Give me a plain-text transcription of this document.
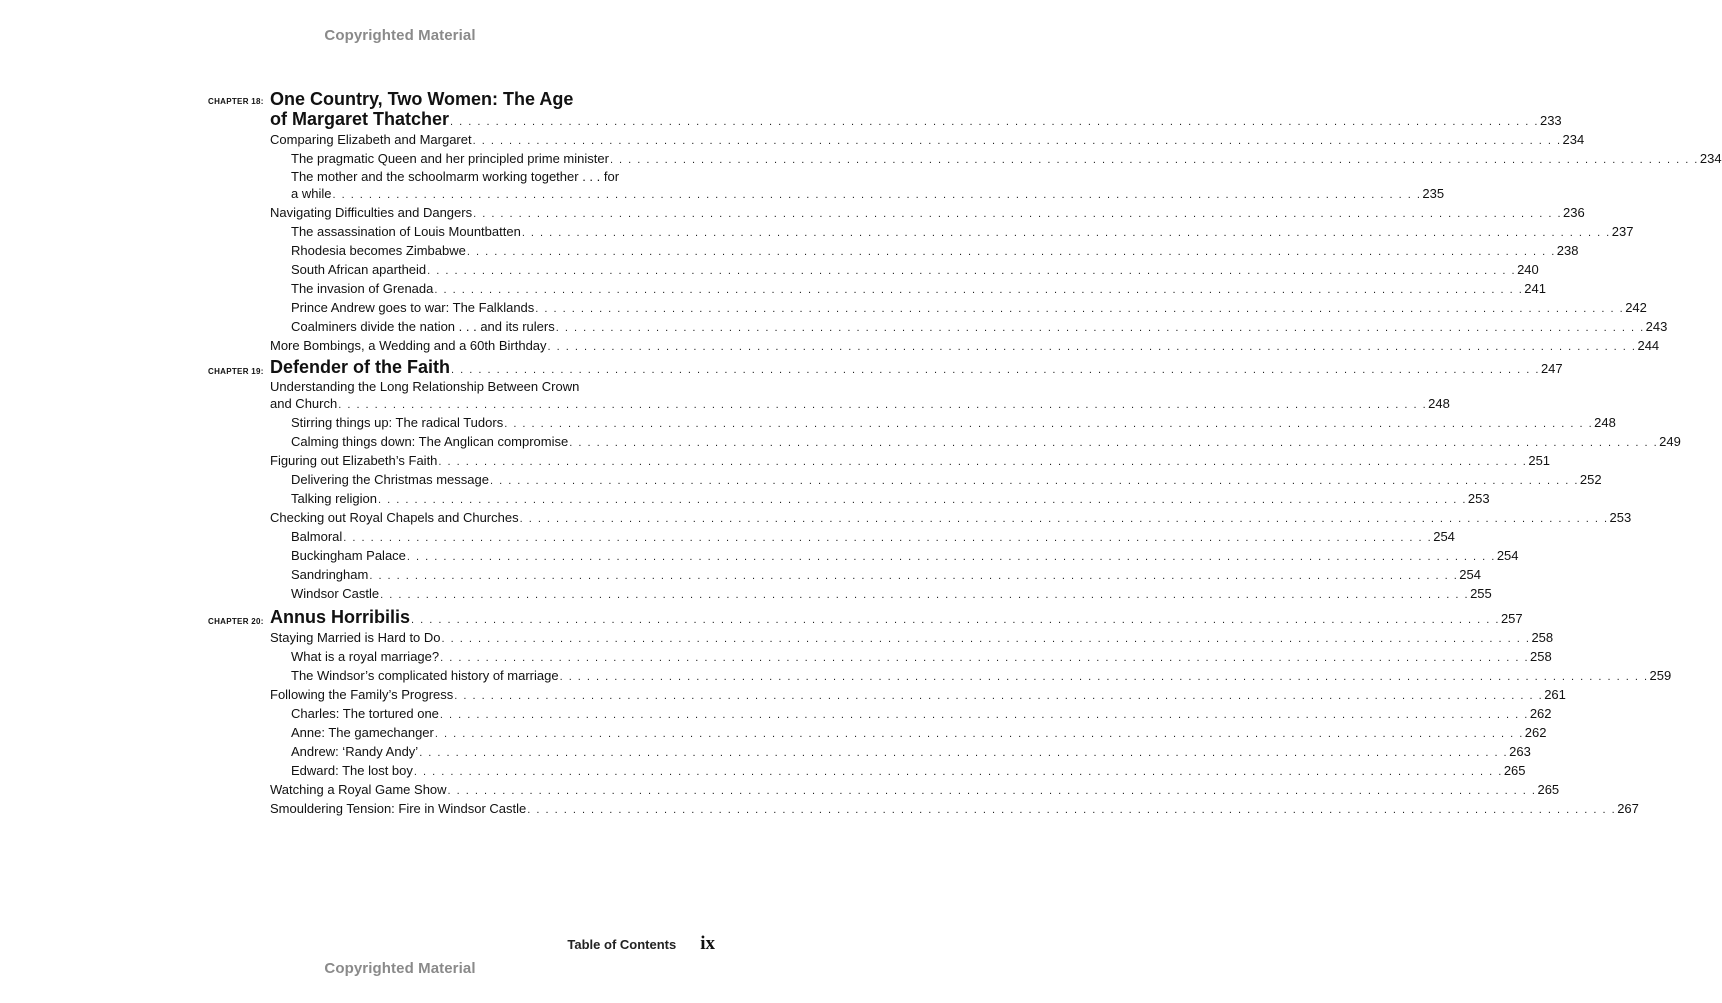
Copyrighted Material
CHAPTER 18: One Country, Two Women: The Age
of Margaret Thatcher . . . . . . . . . . . . . . . . . . . . . . . . . . . . . . . . . . . . . . . . . . . . . . . . . . . . . . . . . . . . . . . . . . . . . . . . . . . . . . . . . . . . . . . . . . . . . . . . . . . . . . . . . . . . . . . . . . . . . . . . 233
Comparing Elizabeth and Margaret . . . . . . . . . . . . . . . . . . . . . . . . . . . . . . . . . . . . . . . . . . . . . . . . . . . . . . . . . . . . . . . . . . . . . . . . . . . . . . . . . . . . . . . . . . . . . . . . . . . . . . . . . . . . . . . . . . . . . . . . 234
The pragmatic Queen and her principled prime minister . . . . . . . . . . . . . . . . . . . . . . . . . . . . . . . . . . . . . . . . . . . . . . . . . . . . . . . . . . . . . . . . . . . . . . . . . . . . . . . . . . . . . . . . . . . . . . . . . . . . . . . . . . . . . . . . . . . . . . . . 234
The mother and the schoolmarm working together . . . for
a while . . . . . . . . . . . . . . . . . . . . . . . . . . . . . . . . . . . . . . . . . . . . . . . . . . . . . . . . . . . . . . . . . . . . . . . . . . . . . . . . . . . . . . . . . . . . . . . . . . . . . . . . . . . . . . . . . . . . . . . . 235
Navigating Difficulties and Dangers . . . . . . . . . . . . . . . . . . . . . . . . . . . . . . . . . . . . . . . . . . . . . . . . . . . . . . . . . . . . . . . . . . . . . . . . . . . . . . . . . . . . . . . . . . . . . . . . . . . . . . . . . . . . . . . . . . . . . . . . 236
The assassination of Louis Mountbatten . . . . . . . . . . . . . . . . . . . . . . . . . . . . . . . . . . . . . . . . . . . . . . . . . . . . . . . . . . . . . . . . . . . . . . . . . . . . . . . . . . . . . . . . . . . . . . . . . . . . . . . . . . . . . . . . . . . . . . . . 237
Rhodesia becomes Zimbabwe . . . . . . . . . . . . . . . . . . . . . . . . . . . . . . . . . . . . . . . . . . . . . . . . . . . . . . . . . . . . . . . . . . . . . . . . . . . . . . . . . . . . . . . . . . . . . . . . . . . . . . . . . . . . . . . . . . . . . . . . 238
South African apartheid . . . . . . . . . . . . . . . . . . . . . . . . . . . . . . . . . . . . . . . . . . . . . . . . . . . . . . . . . . . . . . . . . . . . . . . . . . . . . . . . . . . . . . . . . . . . . . . . . . . . . . . . . . . . . . . . . . . . . . . . 240
The invasion of Grenada . . . . . . . . . . . . . . . . . . . . . . . . . . . . . . . . . . . . . . . . . . . . . . . . . . . . . . . . . . . . . . . . . . . . . . . . . . . . . . . . . . . . . . . . . . . . . . . . . . . . . . . . . . . . . . . . . . . . . . . . 241
Prince Andrew goes to war: The Falklands . . . . . . . . . . . . . . . . . . . . . . . . . . . . . . . . . . . . . . . . . . . . . . . . . . . . . . . . . . . . . . . . . . . . . . . . . . . . . . . . . . . . . . . . . . . . . . . . . . . . . . . . . . . . . . . . . . . . . . . . 242
Coalminers divide the nation . . . and its rulers . . . . . . . . . . . . . . . . . . . . . . . . . . . . . . . . . . . . . . . . . . . . . . . . . . . . . . . . . . . . . . . . . . . . . . . . . . . . . . . . . . . . . . . . . . . . . . . . . . . . . . . . . . . . . . . . . . . . . . . . 243
More Bombings, a Wedding and a 60th Birthday . . . . . . . . . . . . . . . . . . . . . . . . . . . . . . . . . . . . . . . . . . . . . . . . . . . . . . . . . . . . . . . . . . . . . . . . . . . . . . . . . . . . . . . . . . . . . . . . . . . . . . . . . . . . . . . . . . . . . . . . 244
CHAPTER 19: Defender of the Faith . . . . . . . . . . . . . . . . . . . . . . . . . . . . . . . . . . . . . . . . . . . . . . . . . . . . . . . . . . . . . . . . . . . . . . . . . . . . . . . . . . . . . . . . . . . . . . . . . . . . . . . . . . . . . . . . . . . . . . . . 247
Understanding the Long Relationship Between Crown
and Church . . . . . . . . . . . . . . . . . . . . . . . . . . . . . . . . . . . . . . . . . . . . . . . . . . . . . . . . . . . . . . . . . . . . . . . . . . . . . . . . . . . . . . . . . . . . . . . . . . . . . . . . . . . . . . . . . . . . . . . . 248
Stirring things up: The radical Tudors . . . . . . . . . . . . . . . . . . . . . . . . . . . . . . . . . . . . . . . . . . . . . . . . . . . . . . . . . . . . . . . . . . . . . . . . . . . . . . . . . . . . . . . . . . . . . . . . . . . . . . . . . . . . . . . . . . . . . . . . 248
Calming things down: The Anglican compromise . . . . . . . . . . . . . . . . . . . . . . . . . . . . . . . . . . . . . . . . . . . . . . . . . . . . . . . . . . . . . . . . . . . . . . . . . . . . . . . . . . . . . . . . . . . . . . . . . . . . . . . . . . . . . . . . . . . . . . . . 249
Figuring out Elizabeth’s Faith . . . . . . . . . . . . . . . . . . . . . . . . . . . . . . . . . . . . . . . . . . . . . . . . . . . . . . . . . . . . . . . . . . . . . . . . . . . . . . . . . . . . . . . . . . . . . . . . . . . . . . . . . . . . . . . . . . . . . . . . 251
Delivering the Christmas message . . . . . . . . . . . . . . . . . . . . . . . . . . . . . . . . . . . . . . . . . . . . . . . . . . . . . . . . . . . . . . . . . . . . . . . . . . . . . . . . . . . . . . . . . . . . . . . . . . . . . . . . . . . . . . . . . . . . . . . . 252
Talking religion . . . . . . . . . . . . . . . . . . . . . . . . . . . . . . . . . . . . . . . . . . . . . . . . . . . . . . . . . . . . . . . . . . . . . . . . . . . . . . . . . . . . . . . . . . . . . . . . . . . . . . . . . . . . . . . . . . . . . . . . 253
Checking out Royal Chapels and Churches . . . . . . . . . . . . . . . . . . . . . . . . . . . . . . . . . . . . . . . . . . . . . . . . . . . . . . . . . . . . . . . . . . . . . . . . . . . . . . . . . . . . . . . . . . . . . . . . . . . . . . . . . . . . . . . . . . . . . . . . 253
Balmoral . . . . . . . . . . . . . . . . . . . . . . . . . . . . . . . . . . . . . . . . . . . . . . . . . . . . . . . . . . . . . . . . . . . . . . . . . . . . . . . . . . . . . . . . . . . . . . . . . . . . . . . . . . . . . . . . . . . . . . . . 254
Buckingham Palace . . . . . . . . . . . . . . . . . . . . . . . . . . . . . . . . . . . . . . . . . . . . . . . . . . . . . . . . . . . . . . . . . . . . . . . . . . . . . . . . . . . . . . . . . . . . . . . . . . . . . . . . . . . . . . . . . . . . . . . . 254
Sandringham . . . . . . . . . . . . . . . . . . . . . . . . . . . . . . . . . . . . . . . . . . . . . . . . . . . . . . . . . . . . . . . . . . . . . . . . . . . . . . . . . . . . . . . . . . . . . . . . . . . . . . . . . . . . . . . . . . . . . . . . 254
Windsor Castle . . . . . . . . . . . . . . . . . . . . . . . . . . . . . . . . . . . . . . . . . . . . . . . . . . . . . . . . . . . . . . . . . . . . . . . . . . . . . . . . . . . . . . . . . . . . . . . . . . . . . . . . . . . . . . . . . . . . . . . . 255
CHAPTER 20: Annus Horribilis . . . . . . . . . . . . . . . . . . . . . . . . . . . . . . . . . . . . . . . . . . . . . . . . . . . . . . . . . . . . . . . . . . . . . . . . . . . . . . . . . . . . . . . . . . . . . . . . . . . . . . . . . . . . . . . . . . . . . . . . 257
Staying Married is Hard to Do . . . . . . . . . . . . . . . . . . . . . . . . . . . . . . . . . . . . . . . . . . . . . . . . . . . . . . . . . . . . . . . . . . . . . . . . . . . . . . . . . . . . . . . . . . . . . . . . . . . . . . . . . . . . . . . . . . . . . . . . 258
What is a royal marriage? . . . . . . . . . . . . . . . . . . . . . . . . . . . . . . . . . . . . . . . . . . . . . . . . . . . . . . . . . . . . . . . . . . . . . . . . . . . . . . . . . . . . . . . . . . . . . . . . . . . . . . . . . . . . . . . . . . . . . . . . 258
The Windsor’s complicated history of marriage . . . . . . . . . . . . . . . . . . . . . . . . . . . . . . . . . . . . . . . . . . . . . . . . . . . . . . . . . . . . . . . . . . . . . . . . . . . . . . . . . . . . . . . . . . . . . . . . . . . . . . . . . . . . . . . . . . . . . . . . 259
Following the Family’s Progress . . . . . . . . . . . . . . . . . . . . . . . . . . . . . . . . . . . . . . . . . . . . . . . . . . . . . . . . . . . . . . . . . . . . . . . . . . . . . . . . . . . . . . . . . . . . . . . . . . . . . . . . . . . . . . . . . . . . . . . . 261
Charles: The tortured one . . . . . . . . . . . . . . . . . . . . . . . . . . . . . . . . . . . . . . . . . . . . . . . . . . . . . . . . . . . . . . . . . . . . . . . . . . . . . . . . . . . . . . . . . . . . . . . . . . . . . . . . . . . . . . . . . . . . . . . . 262
Anne: The gamechanger . . . . . . . . . . . . . . . . . . . . . . . . . . . . . . . . . . . . . . . . . . . . . . . . . . . . . . . . . . . . . . . . . . . . . . . . . . . . . . . . . . . . . . . . . . . . . . . . . . . . . . . . . . . . . . . . . . . . . . . . 262
Andrew: ‘Randy Andy’ . . . . . . . . . . . . . . . . . . . . . . . . . . . . . . . . . . . . . . . . . . . . . . . . . . . . . . . . . . . . . . . . . . . . . . . . . . . . . . . . . . . . . . . . . . . . . . . . . . . . . . . . . . . . . . . . . . . . . . . . 263
Edward: The lost boy . . . . . . . . . . . . . . . . . . . . . . . . . . . . . . . . . . . . . . . . . . . . . . . . . . . . . . . . . . . . . . . . . . . . . . . . . . . . . . . . . . . . . . . . . . . . . . . . . . . . . . . . . . . . . . . . . . . . . . . . 265
Watching a Royal Game Show . . . . . . . . . . . . . . . . . . . . . . . . . . . . . . . . . . . . . . . . . . . . . . . . . . . . . . . . . . . . . . . . . . . . . . . . . . . . . . . . . . . . . . . . . . . . . . . . . . . . . . . . . . . . . . . . . . . . . . . . 265
Smouldering Tension: Fire in Windsor Castle . . . . . . . . . . . . . . . . . . . . . . . . . . . . . . . . . . . . . . . . . . . . . . . . . . . . . . . . . . . . . . . . . . . . . . . . . . . . . . . . . . . . . . . . . . . . . . . . . . . . . . . . . . . . . . . . . . . . . . . . 267
Table of Contents ix
Copyrighted Material
